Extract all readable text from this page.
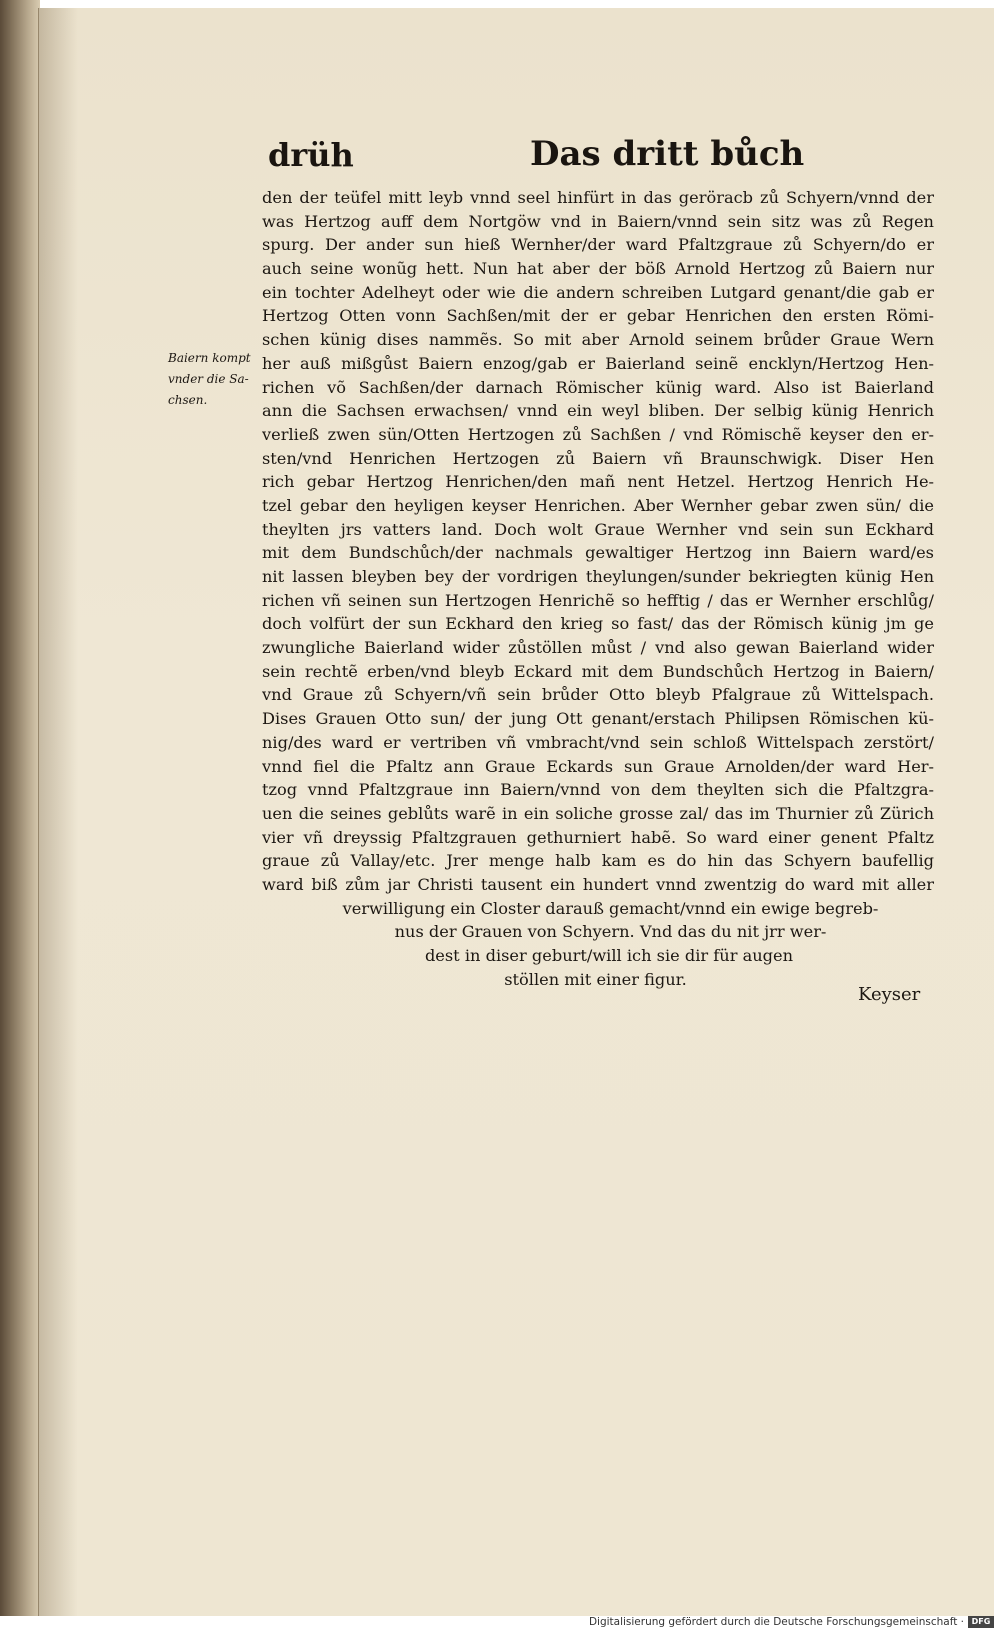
drüh	Das dritt bůch
Baiern kompt
vnder die Sa-
chsen.
den der teüfel mitt leyb vnnd seel hinfürt in das geröracb zů Schyern/vnnd der
was Hertzog auff dem Nortgöw vnd in Baiern/vnnd sein sitz was zů Regen
spurg. Der ander sun hieß Wernher/der ward Pfaltzgraue zů Schyern/do er
auch seine wonũg hett. Nun hat aber der böß Arnold Hertzog zů Baiern nur
ein tochter Adelheyt oder wie die andern schreiben Lutgard genant/die gab er
Hertzog Otten vonn Sachßen/mit der er gebar Henrichen den ersten Römi-
schen künig dises nammẽs. So mit aber Arnold seinem brůder Graue Wern
her auß mißgůst Baiern enzog/gab er Baierland seinẽ encklyn/Hertzog Hen-
richen võ Sachßen/der darnach Römischer künig ward. Also ist Baierland
ann die Sachsen erwachsen/ vnnd ein weyl bliben. Der selbig künig Henrich
verließ zwen sün/Otten Hertzogen zů Sachßen / vnd Römischẽ keyser den er-
sten/vnd Henrichen Hertzogen zů Baiern vñ Braunschwigk. Diser Hen
rich gebar Hertzog Henrichen/den mañ nent Hetzel. Hertzog Henrich He-
tzel gebar den heyligen keyser Henrichen. Aber Wernher gebar zwen sün/ die
theylten jrs vatters land. Doch wolt Graue Wernher vnd sein sun Eckhard
mit dem Bundschůch/der nachmals gewaltiger Hertzog inn Baiern ward/es
nit lassen bleyben bey der vordrigen theylungen/sunder bekriegten künig Hen
richen vñ seinen sun Hertzogen Henrichẽ so hefftig / das er Wernher erschlůg/
doch volfürt der sun Eckhard den krieg so fast/ das der Römisch künig jm ge
zwungliche Baierland wider zůstöllen můst / vnd also gewan Baierland wider
sein rechtẽ erben/vnd bleyb Eckard mit dem Bundschůch Hertzog in Baiern/
vnd Graue zů Schyern/vñ sein brůder Otto bleyb Pfalgraue zů Wittelspach.
Dises Grauen Otto sun/ der jung Ott genant/erstach Philipsen Römischen kü-
nig/des ward er vertriben vñ vmbracht/vnd sein schloß Wittelspach zerstört/
vnnd fiel die Pfaltz ann Graue Eckards sun Graue Arnolden/der ward Her-
tzog vnnd Pfaltzgraue inn Baiern/vnnd von dem theylten sich die Pfaltzgra-
uen die seines geblůts warẽ in ein soliche grosse zal/ das im Thurnier zů Zürich
vier vñ dreyssig Pfaltzgrauen gethurniert habẽ. So ward einer genent Pfaltz
graue zů Vallay/etc. Jrer menge halb kam es do hin das Schyern baufellig
ward biß zům jar Christi tausent ein hundert vnnd zwentzig do ward mit aller
verwilligung ein Closter darauß gemacht/vnnd ein ewige begreb-
nus der Grauen von Schyern. Vnd das du nit jrr wer-
dest in diser geburt/will ich sie dir für augen
stöllen mit einer figur.
Keyser
Digitalisierung gefördert durch die Deutsche Forschungsgemeinschaft · DFG
